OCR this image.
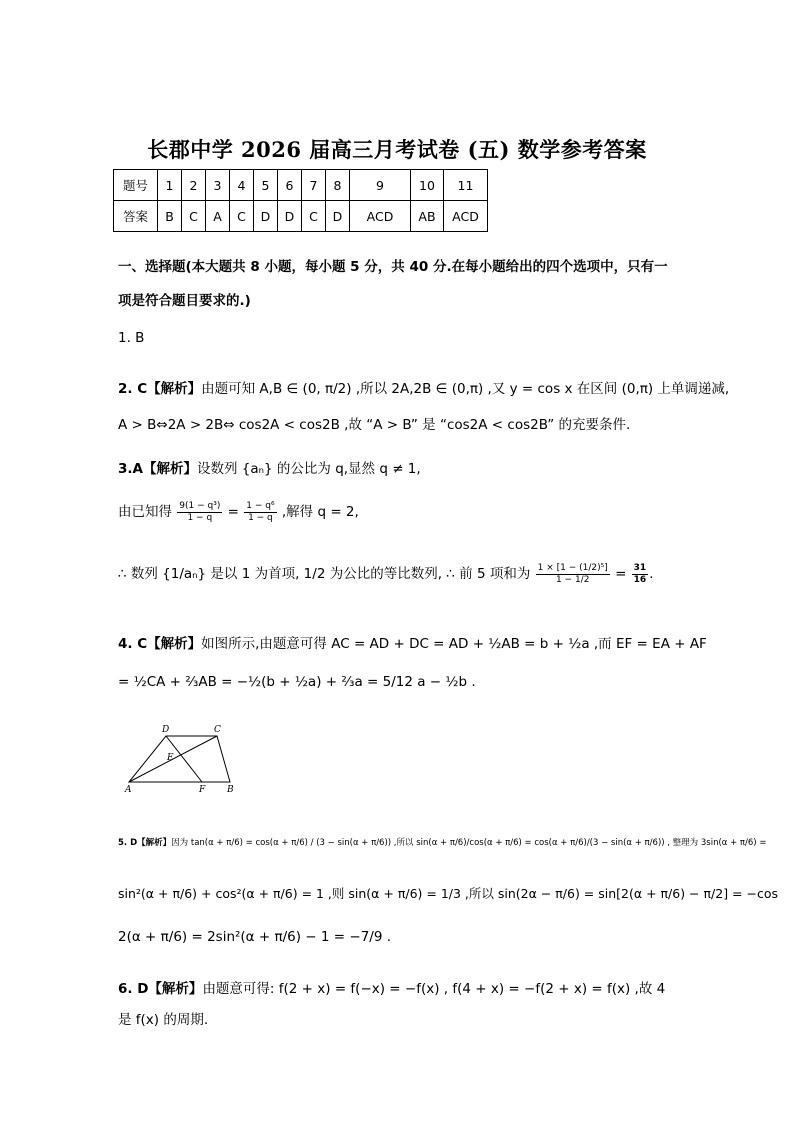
长郡中学 2026 届高三月考试卷 (五) 数学参考答案
题号	1	2	3	4	5	6	7	8	9	10	11
答案	B	C	A	C	D	D	C	D	ACD	AB	ACD
一、选择题(本大题共 8 小题，每小题 5 分，共 40 分.在每小题给出的四个选项中，只有一
项是符合题目要求的.)
1. B
2. C【解析】由题可知 A,B ∈ (0, π/2) ,所以 2A,2B ∈ (0,π) ,又 y = cos x 在区间 (0,π) 上单调递减,
A > B⇔2A > 2B⇔ cos2A < cos2B ,故 “A > B” 是 “cos2A < cos2B” 的充要条件.
3.A【解析】设数列 {aₙ} 的公比为 q,显然 q ≠ 1,
由已知得 $\frac{\text{9(1 − q³)}}{1 - q} = \frac{\text{1 − q⁶}}{1 - q}$ ,解得 q = 2,
∴ 数列 {1/aₙ} 是以 1 为首项, 1/2 为公比的等比数列, ∴ 前 5 项和为 $\frac{\text{1 × [1 − (1/2)⁵]}}{1 - 1/2} = \frac{31}{16}$ .
4. C【解析】如图所示,由题意可得 AC = AD + DC = AD + ½AB = b + ½a ,而 EF = EA + AF
= ½CA + ⅔AB = −½(b + ½a) + ⅔a = 5/12 a − ½b .
D	C
E
A	F B
5. D【解析】因为 tan(α + π/6) = cos(α + π/6) / (3 − sin(α + π/6)) ,所以 sin(α + π/6)/cos(α + π/6) = cos(α + π/6)/(3 − sin(α + π/6)) , 整理为 3sin(α + π/6) =
sin²(α + π/6) + cos²(α + π/6) = 1 ,则 sin(α + π/6) = 1/3 ,所以 sin(2α − π/6) = sin[2(α + π/6) − π/2] = −cos
2(α + π/6) = 2sin²(α + π/6) − 1 = −7/9 .
6. D【解析】由题意可得: f(2 + x) = f(−x) = −f(x) , f(4 + x) = −f(2 + x) = f(x) ,故 4
是 f(x) 的周期.
